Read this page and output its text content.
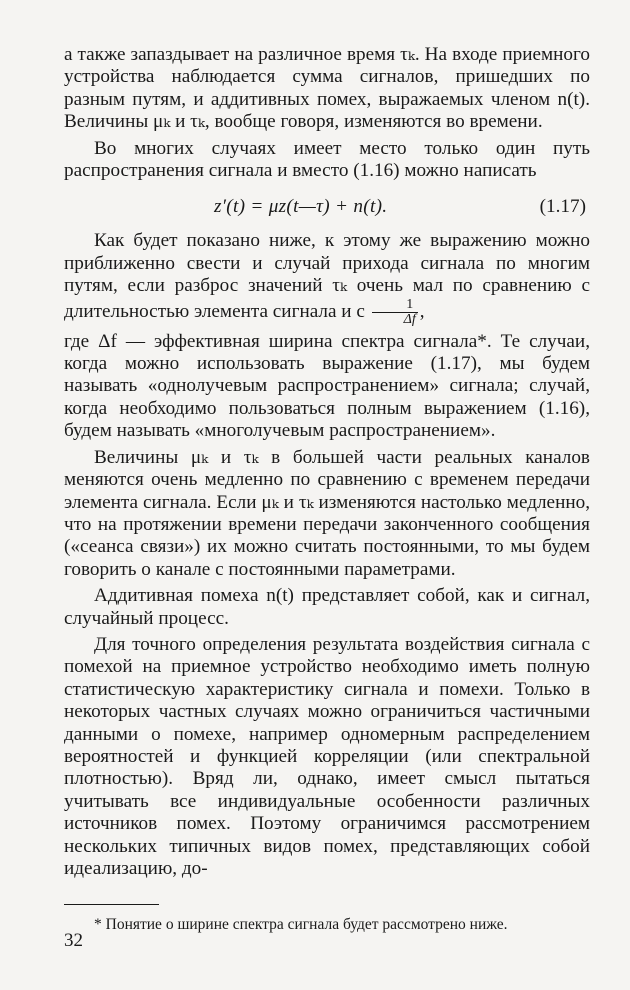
а также запаздывает на различное время τₖ. На входе приемного устройства наблюдается сумма сигналов, пришедших по разным путям, и аддитивных помех, выражаемых членом n(t). Величины μₖ и τₖ, вообще говоря, изменяются во времени.

Во многих случаях имеет место только один путь распространения сигнала и вместо (1.16) можно написать

z′(t) = μz(t—τ) + n(t).	(1.17)

Как будет показано ниже, к этому же выражению можно приближенно свести и случай прихода сигнала по многим путям, если разброс значений τₖ очень мал по сравнению с длительностью элемента сигнала и с $\frac{1}{\Delta f}$ ,

где Δf — эффективная ширина спектра сигнала*. Те случаи, когда можно использовать выражение (1.17), мы будем называть «однолучевым распространением» сигнала; случай, когда необходимо пользоваться полным выражением (1.16), будем называть «многолучевым распространением».

Величины μₖ и τₖ в большей части реальных каналов меняются очень медленно по сравнению с временем передачи элемента сигнала. Если μₖ и τₖ изменяются настолько медленно, что на протяжении времени передачи законченного сообщения («сеанса связи») их можно считать постоянными, то мы будем говорить о канале с постоянными параметрами.

Аддитивная помеха n(t) представляет собой, как и сигнал, случайный процесс.

Для точного определения результата воздействия сигнала с помехой на приемное устройство необходимо иметь полную статистическую характеристику сигнала и помехи. Только в некоторых частных случаях можно ограничиться частичными данными о помехе, например одномерным распределением вероятностей и функцией корреляции (или спектральной плотностью). Вряд ли, однако, имеет смысл пытаться учитывать все индивидуальные особенности различных источников помех. Поэтому ограничимся рассмотрением нескольких типичных видов помех, представляющих собой идеализацию, до-

* Понятие о ширине спектра сигнала будет рассмотрено ниже.
32
